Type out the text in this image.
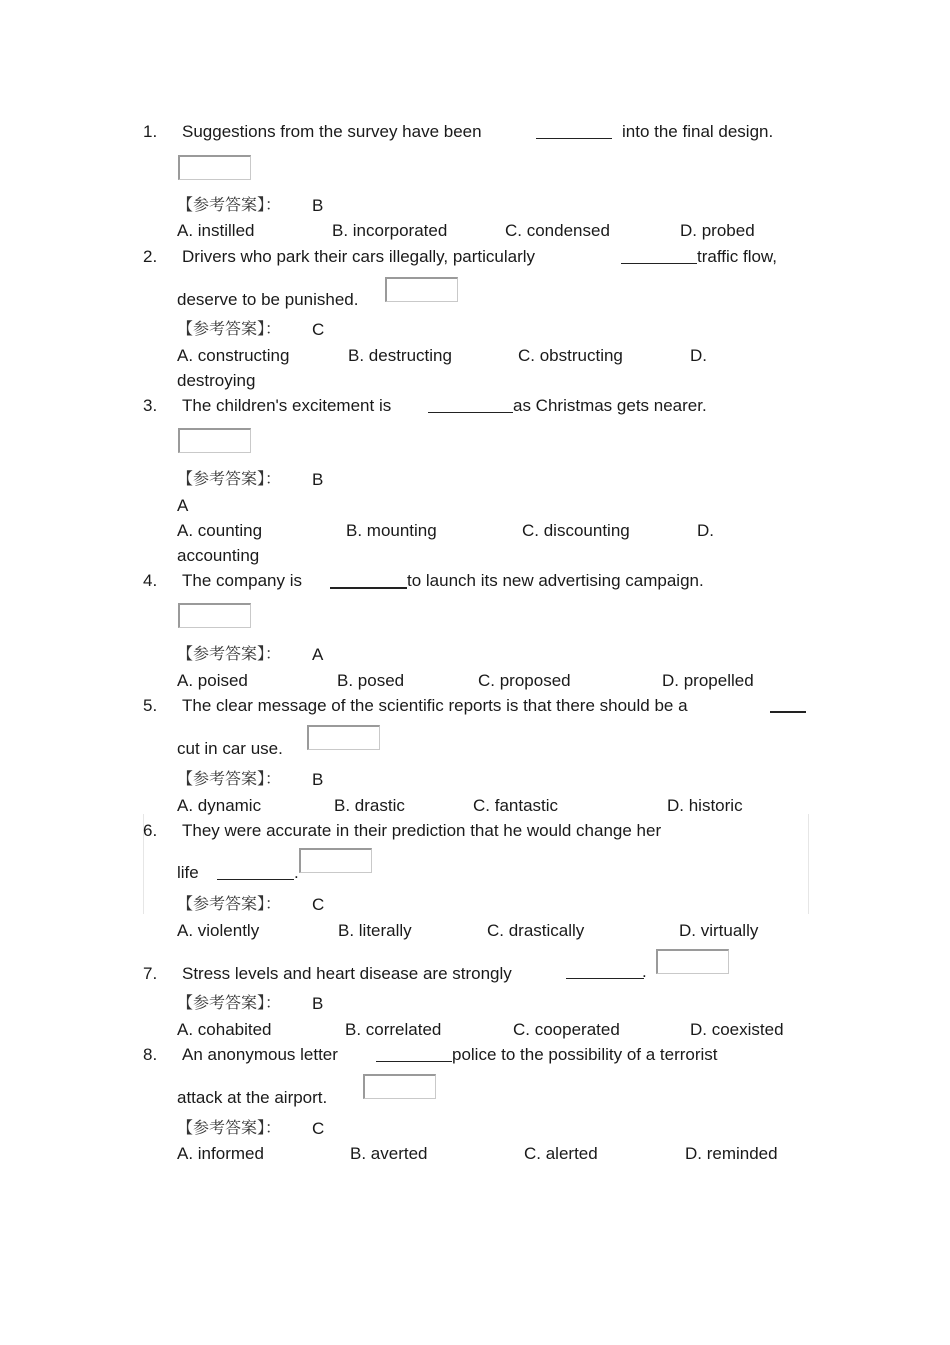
1. Suggestions from the survey have been	into the final design.
【参考答案】： B
A. instilled	B. incorporated	C. condensed	D. probed
2. Drivers who park their cars illegally, particularly	traffic flow,
deserve to be punished.
【参考答案】： C
A. constructing	B. destructing	C. obstructing	D.
destroying
3. The children's excitement is	as Christmas gets nearer.
【参考答案】： B
A
A. counting	B. mounting	C. discounting	D.
accounting
4. The company is	to launch its new advertising campaign.
【参考答案】： A
A. poised	B. posed	C. proposed	D. propelled
5. The clear message of the scientific reports is that there should be a
cut in car use.
【参考答案】： B
A. dynamic	B. drastic	C. fantastic	D. historic
6. They were accurate in their prediction that he would change her
life	.
【参考答案】： C
A. violently	B. literally	C. drastically	D. virtually
7. Stress levels and heart disease are strongly	.
【参考答案】： B
A. cohabited	B. correlated	C. cooperated	D. coexisted
8. An anonymous letter	police to the possibility of a terrorist
attack at the airport.
【参考答案】： C
A. informed	B. averted	C. alerted	D. reminded
